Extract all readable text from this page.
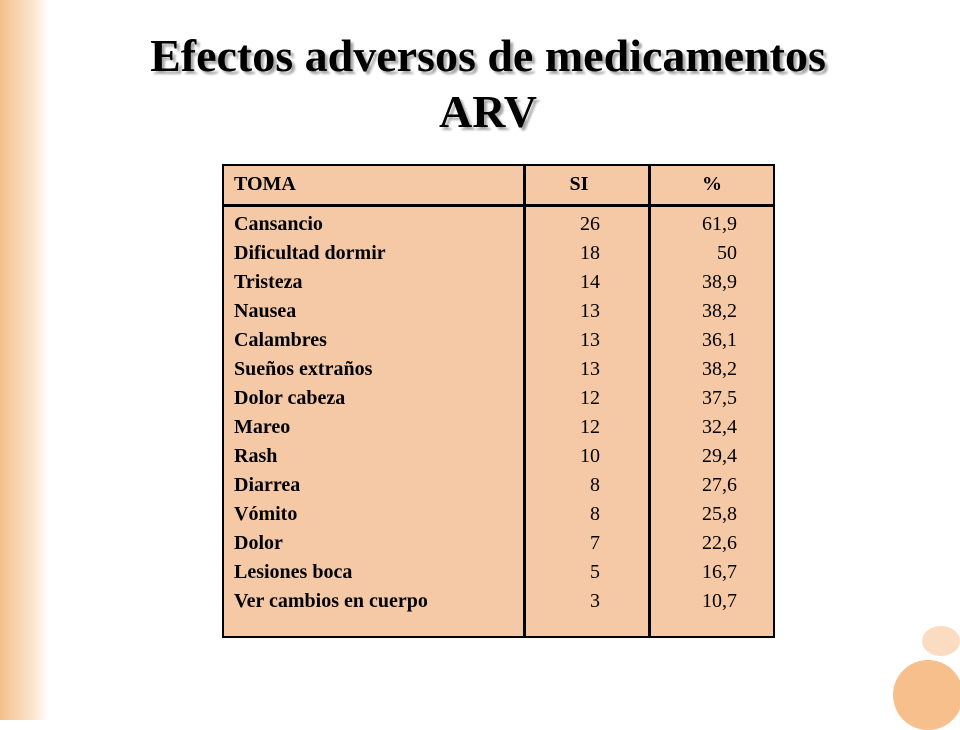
Efectos adversos de medicamentos
ARV
TOMA	SI	%
Cansancio	26	61,9
Dificultad dormir	18	50
Tristeza	14	38,9
Nausea	13	38,2
Calambres	13	36,1
Sueños extraños	13	38,2
Dolor cabeza	12	37,5
Mareo	12	32,4
Rash	10	29,4
Diarrea	8	27,6
Vómito	8	25,8
Dolor	7	22,6
Lesiones boca	5	16,7
Ver cambios en cuerpo	3	10,7
